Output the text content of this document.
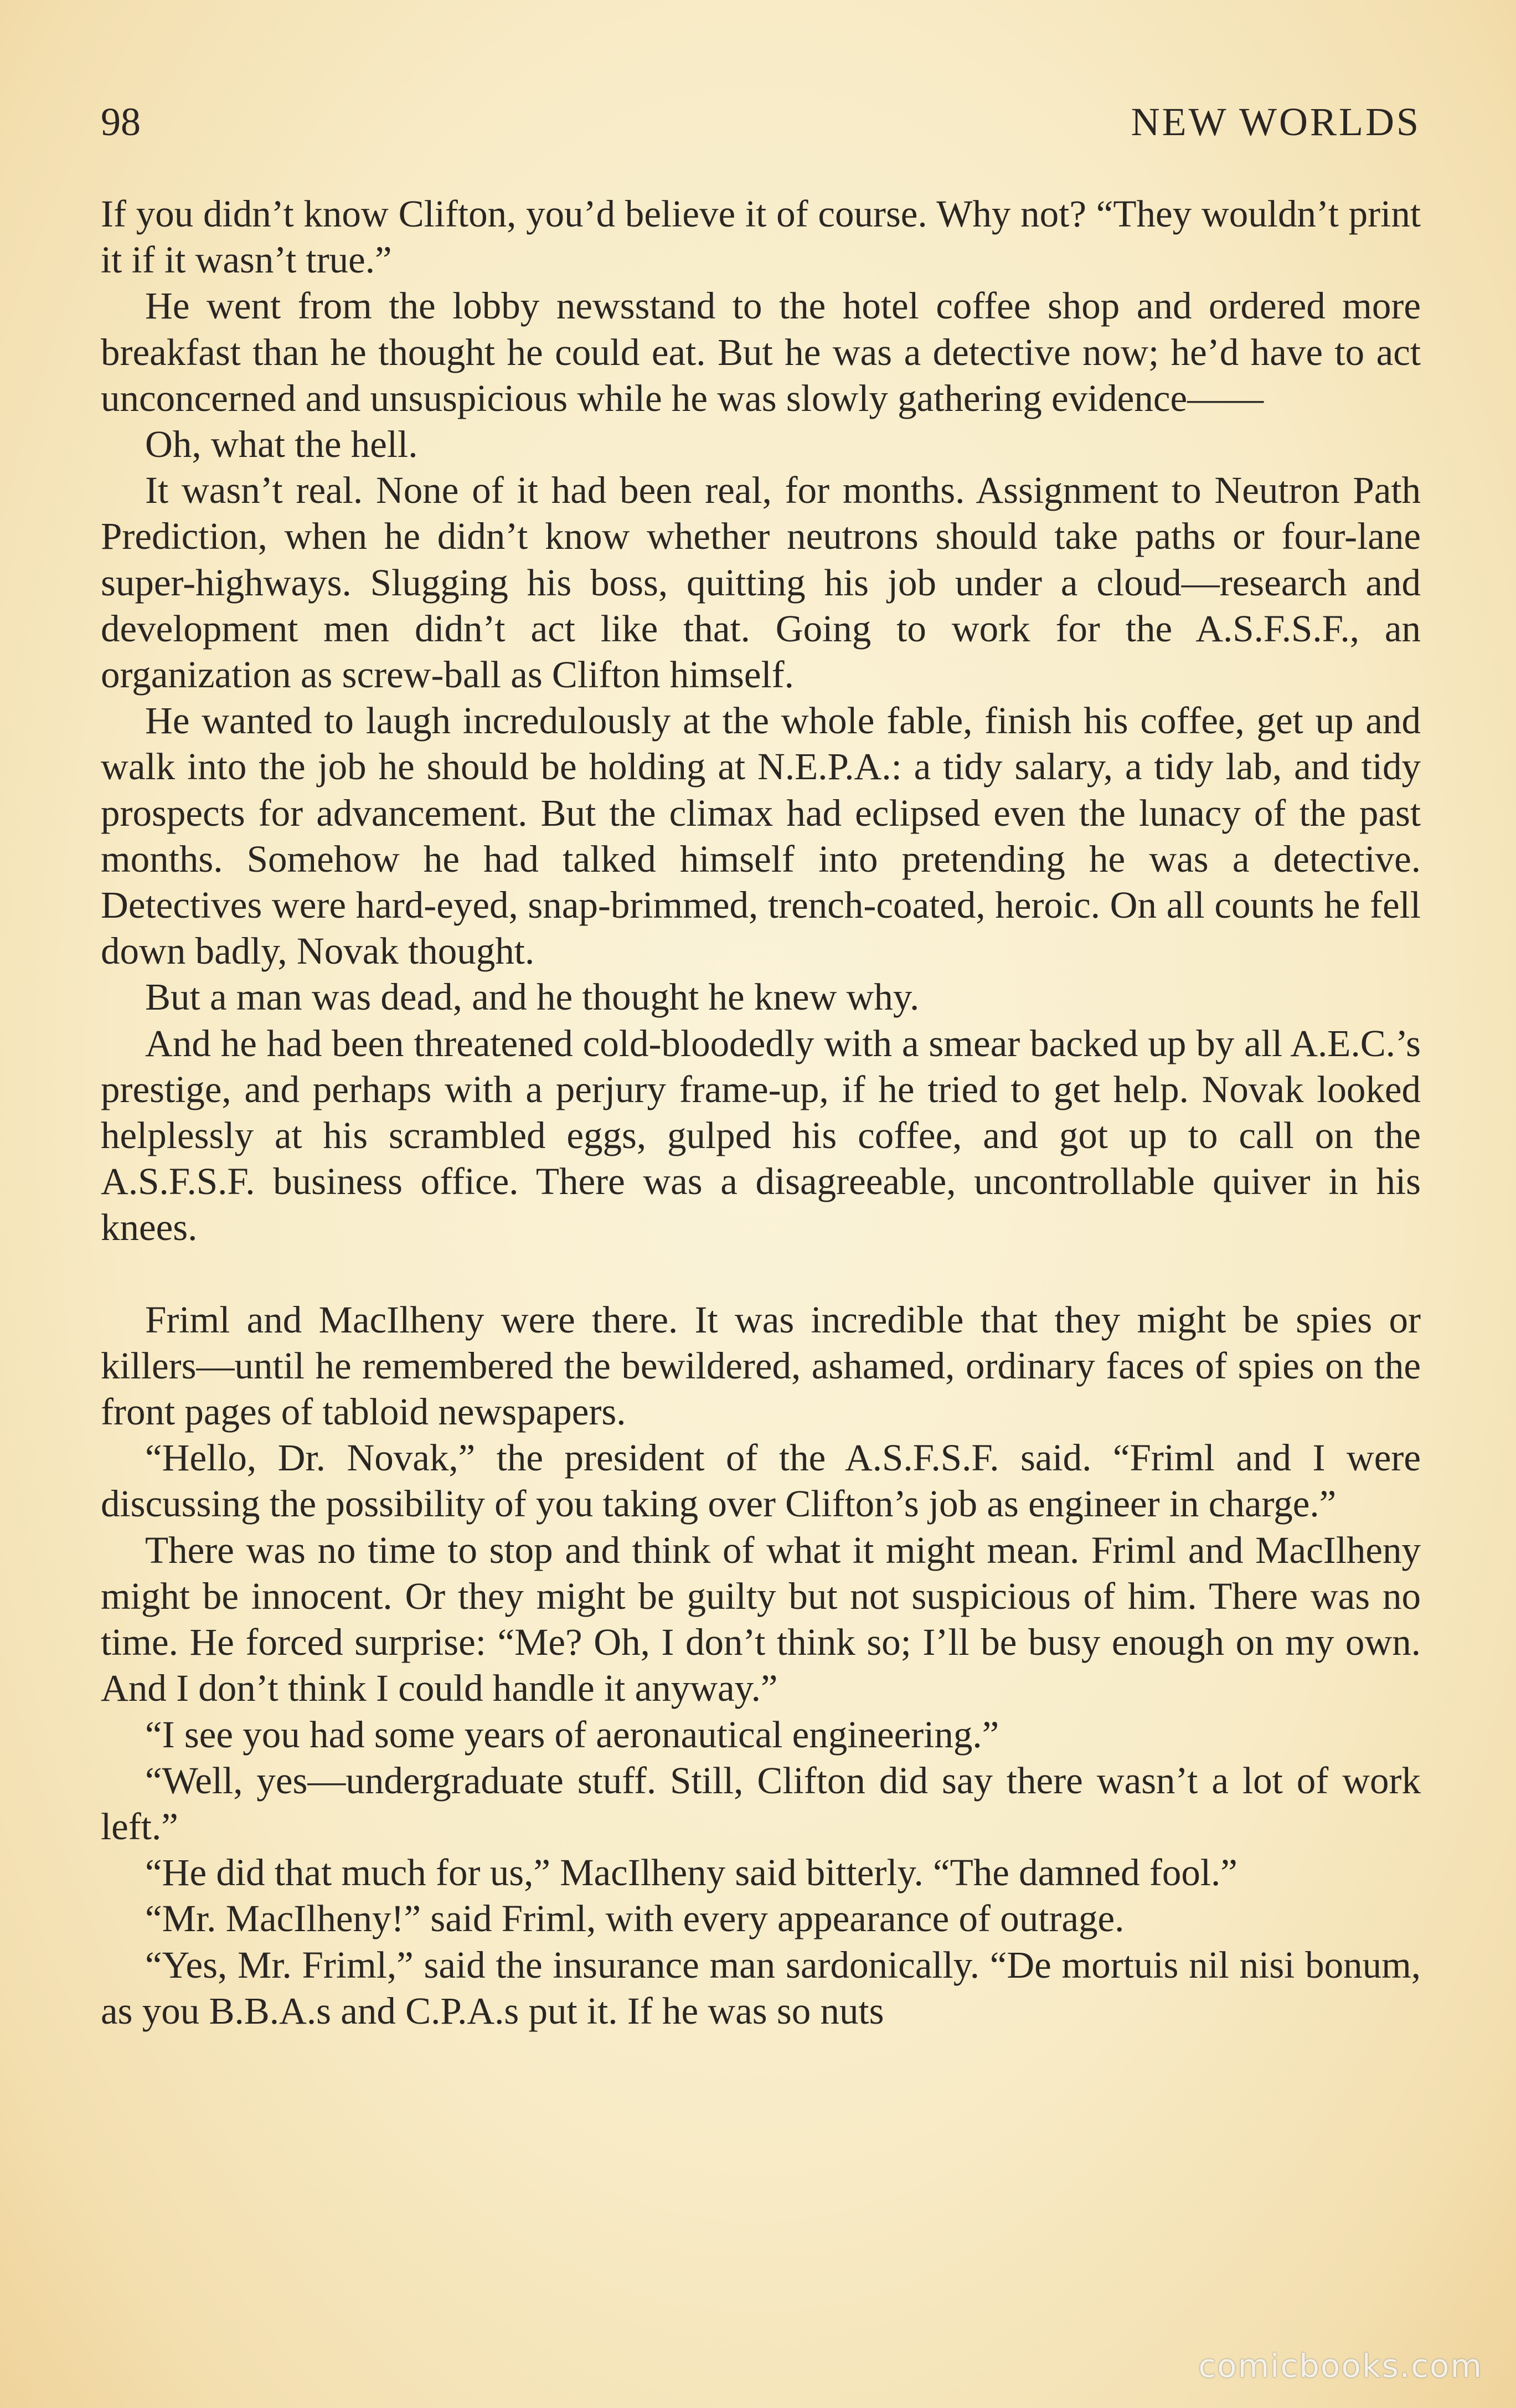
98	NEW WORLDS

If you didn’t know Clifton, you’d believe it of course. Why not? “They wouldn’t print it if it wasn’t true.”

He went from the lobby newsstand to the hotel coffee shop and ordered more breakfast than he thought he could eat. But he was a detective now; he’d have to act unconcerned and unsuspicious while he was slowly gathering evidence——

Oh, what the hell.

It wasn’t real. None of it had been real, for months. Assignment to Neutron Path Prediction, when he didn’t know whether neutrons should take paths or four-lane super-highways. Slugging his boss, quitting his job under a cloud—research and development men didn’t act like that. Going to work for the A.S.F.S.F., an organization as screw-ball as Clifton himself.

He wanted to laugh incredulously at the whole fable, finish his coffee, get up and walk into the job he should be holding at N.E.P.A.: a tidy salary, a tidy lab, and tidy prospects for advancement. But the climax had eclipsed even the lunacy of the past months. Somehow he had talked himself into pretending he was a detective. Detectives were hard-eyed, snap-brimmed, trench-coated, heroic. On all counts he fell down badly, Novak thought.

But a man was dead, and he thought he knew why.

And he had been threatened cold-bloodedly with a smear backed up by all A.E.C.’s prestige, and perhaps with a perjury frame-up, if he tried to get help. Novak looked helplessly at his scrambled eggs, gulped his coffee, and got up to call on the A.S.F.S.F. business office. There was a disagreeable, uncontrollable quiver in his knees.

Friml and MacIlheny were there. It was incredible that they might be spies or killers—until he remembered the bewildered, ashamed, ordinary faces of spies on the front pages of tabloid newspapers.

“Hello, Dr. Novak,” the president of the A.S.F.S.F. said. “Friml and I were discussing the possibility of you taking over Clifton’s job as engineer in charge.”

There was no time to stop and think of what it might mean. Friml and MacIlheny might be innocent. Or they might be guilty but not suspicious of him. There was no time. He forced surprise: “Me? Oh, I don’t think so; I’ll be busy enough on my own. And I don’t think I could handle it anyway.”

“I see you had some years of aeronautical engineering.”

“Well, yes—undergraduate stuff. Still, Clifton did say there wasn’t a lot of work left.”

“He did that much for us,” MacIlheny said bitterly. “The damned fool.”

“Mr. MacIlheny!” said Friml, with every appearance of outrage.

“Yes, Mr. Friml,” said the insurance man sardonically. “De mortuis nil nisi bonum, as you B.B.A.s and C.P.A.s put it. If he was so nuts

comicbooks.com
